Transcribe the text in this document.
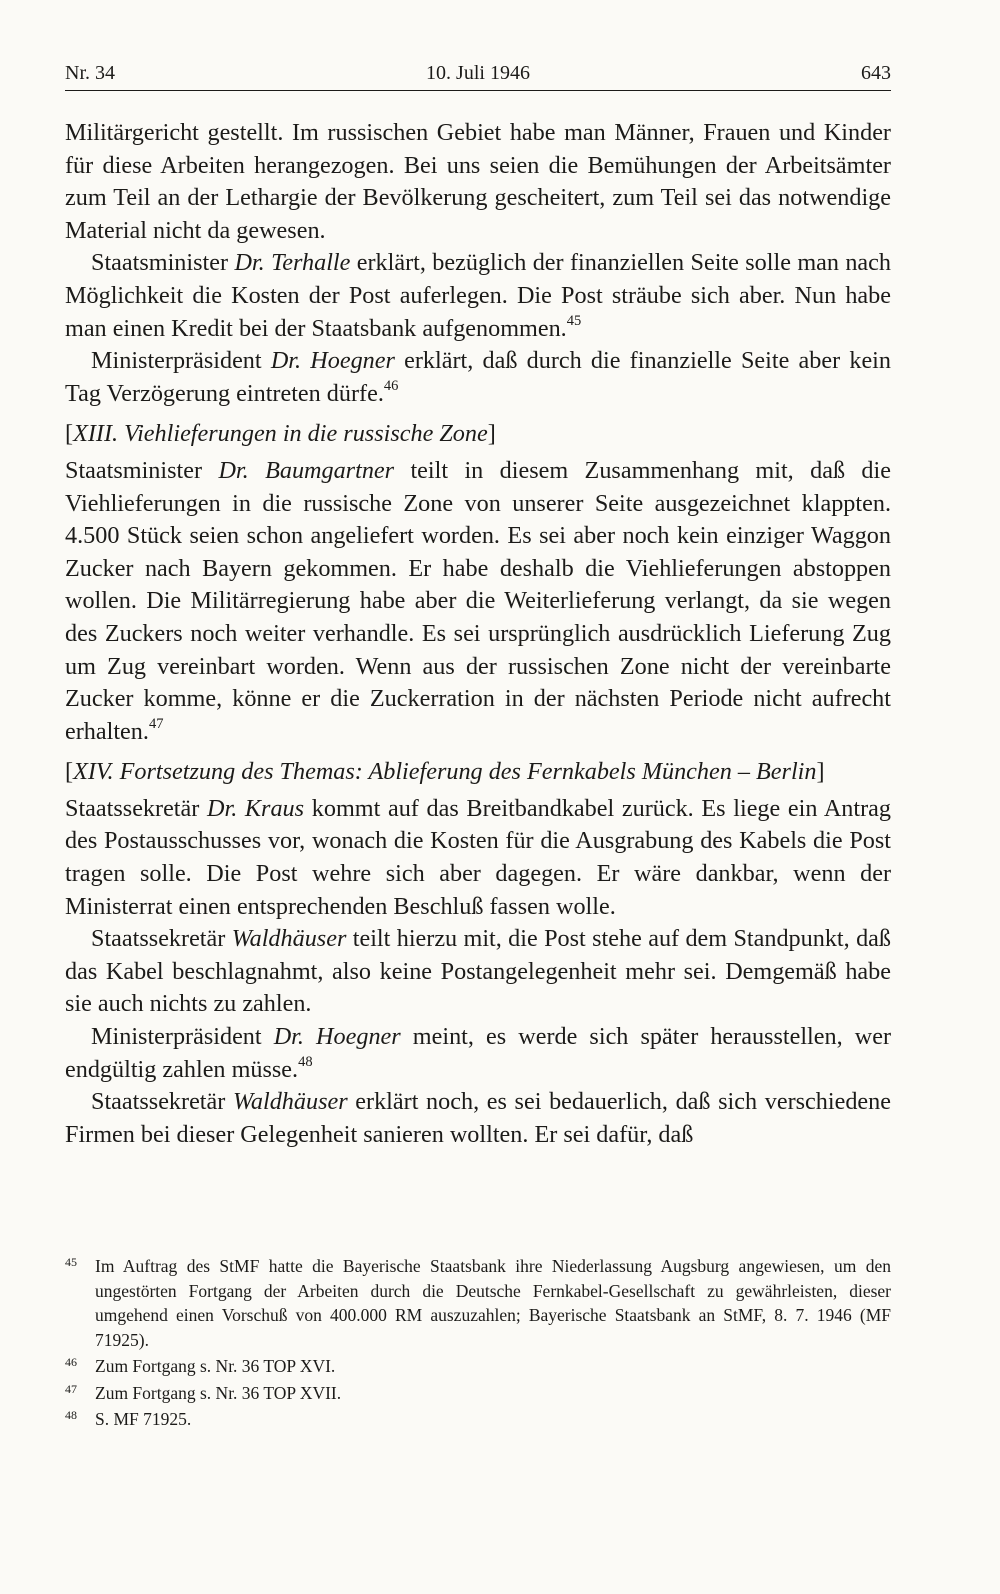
Nr. 34	10. Juli 1946	643

Militärgericht gestellt. Im russischen Gebiet habe man Männer, Frauen und Kinder für diese Arbeiten herangezogen. Bei uns seien die Bemühungen der Arbeitsämter zum Teil an der Lethargie der Bevölkerung gescheitert, zum Teil sei das notwendige Material nicht da gewesen.

Staatsminister Dr. Terhalle erklärt, bezüglich der finanziellen Seite solle man nach Möglichkeit die Kosten der Post auferlegen. Die Post sträube sich aber. Nun habe man einen Kredit bei der Staatsbank aufgenommen.$^{45}$

Ministerpräsident Dr. Hoegner erklärt, daß durch die finanzielle Seite aber kein Tag Verzögerung eintreten dürfe.$^{46}$

[XIII. Viehlieferungen in die russische Zone]

Staatsminister Dr. Baumgartner teilt in diesem Zusammenhang mit, daß die Viehlieferungen in die russische Zone von unserer Seite ausgezeichnet klappten. 4.500 Stück seien schon angeliefert worden. Es sei aber noch kein einziger Waggon Zucker nach Bayern gekommen. Er habe deshalb die Viehlieferungen abstoppen wollen. Die Militärregierung habe aber die Weiterlieferung verlangt, da sie wegen des Zuckers noch weiter verhandle. Es sei ursprünglich ausdrücklich Lieferung Zug um Zug vereinbart worden. Wenn aus der russischen Zone nicht der vereinbarte Zucker komme, könne er die Zuckerration in der nächsten Periode nicht aufrecht erhalten.$^{47}$

[XIV. Fortsetzung des Themas: Ablieferung des Fernkabels München – Berlin]

Staatssekretär Dr. Kraus kommt auf das Breitbandkabel zurück. Es liege ein Antrag des Postausschusses vor, wonach die Kosten für die Ausgrabung des Kabels die Post tragen solle. Die Post wehre sich aber dagegen. Er wäre dankbar, wenn der Ministerrat einen entsprechenden Beschluß fassen wolle.

Staatssekretär Waldhäuser teilt hierzu mit, die Post stehe auf dem Standpunkt, daß das Kabel beschlagnahmt, also keine Postangelegenheit mehr sei. Demgemäß habe sie auch nichts zu zahlen.

Ministerpräsident Dr. Hoegner meint, es werde sich später herausstellen, wer endgültig zahlen müsse.$^{48}$

Staatssekretär Waldhäuser erklärt noch, es sei bedauerlich, daß sich verschiedene Firmen bei dieser Gelegenheit sanieren wollten. Er sei dafür, daß

45	Im Auftrag des StMF hatte die Bayerische Staatsbank ihre Niederlassung Augsburg angewiesen, um den ungestörten Fortgang der Arbeiten durch die Deutsche Fernkabel-Gesellschaft zu gewährleisten, dieser umgehend einen Vorschuß von 400.000 RM auszuzahlen; Bayerische Staatsbank an StMF, 8. 7. 1946 (MF 71925).
46	Zum Fortgang s. Nr. 36 TOP XVI.
47	Zum Fortgang s. Nr. 36 TOP XVII.
48	S. MF 71925.
